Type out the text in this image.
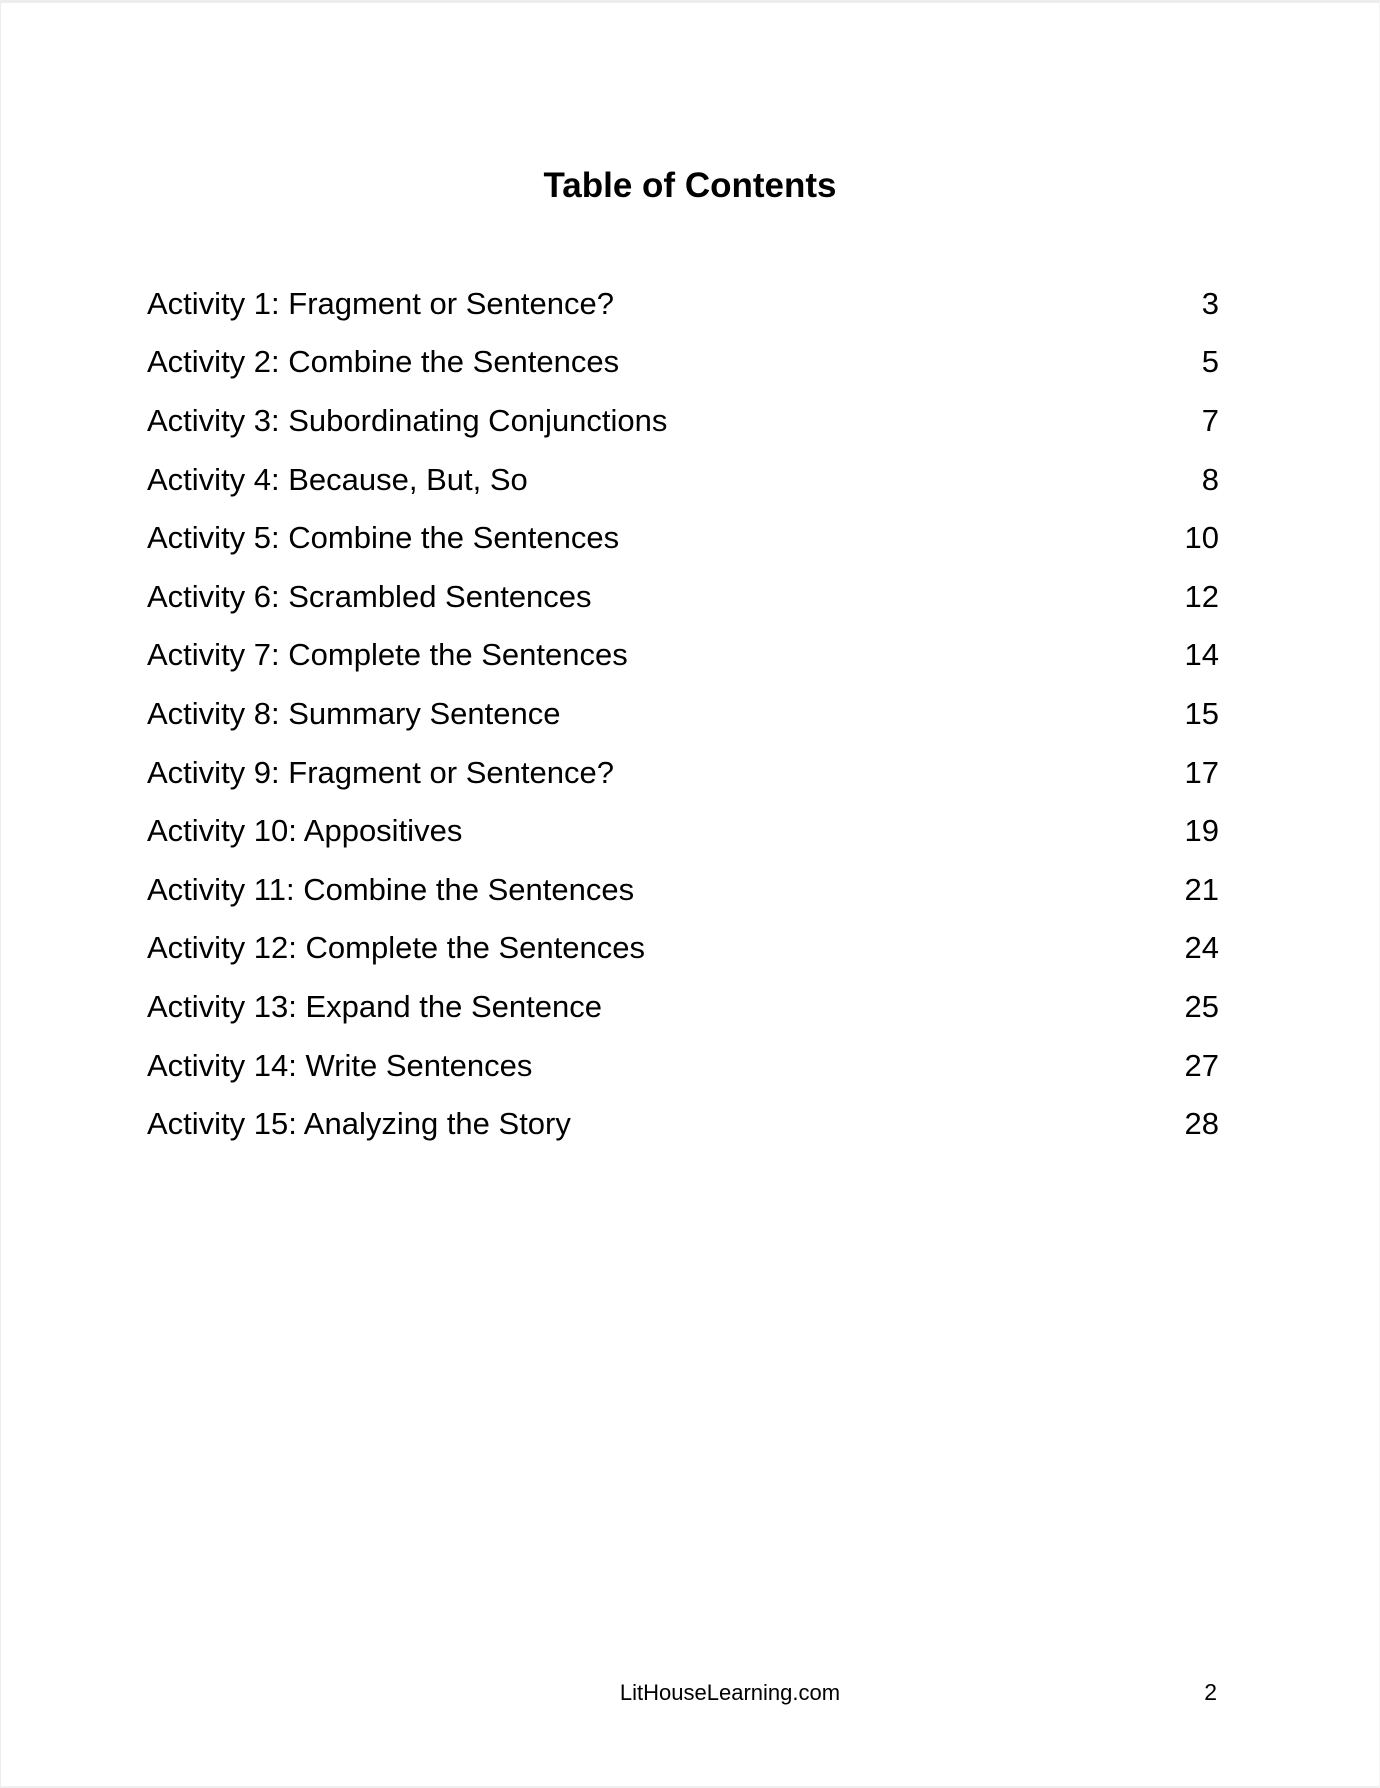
Table of Contents
Activity 1: Fragment or Sentence?	3
Activity 2: Combine the Sentences	5
Activity 3: Subordinating Conjunctions	7
Activity 4: Because, But, So	8
Activity 5: Combine the Sentences	10
Activity 6: Scrambled Sentences	12
Activity 7: Complete the Sentences	14
Activity 8: Summary Sentence	15
Activity 9: Fragment or Sentence?	17
Activity 10: Appositives	19
Activity 11: Combine the Sentences	21
Activity 12: Complete the Sentences	24
Activity 13: Expand the Sentence	25
Activity 14: Write Sentences	27
Activity 15: Analyzing the Story	28
LitHouseLearning.com	2
